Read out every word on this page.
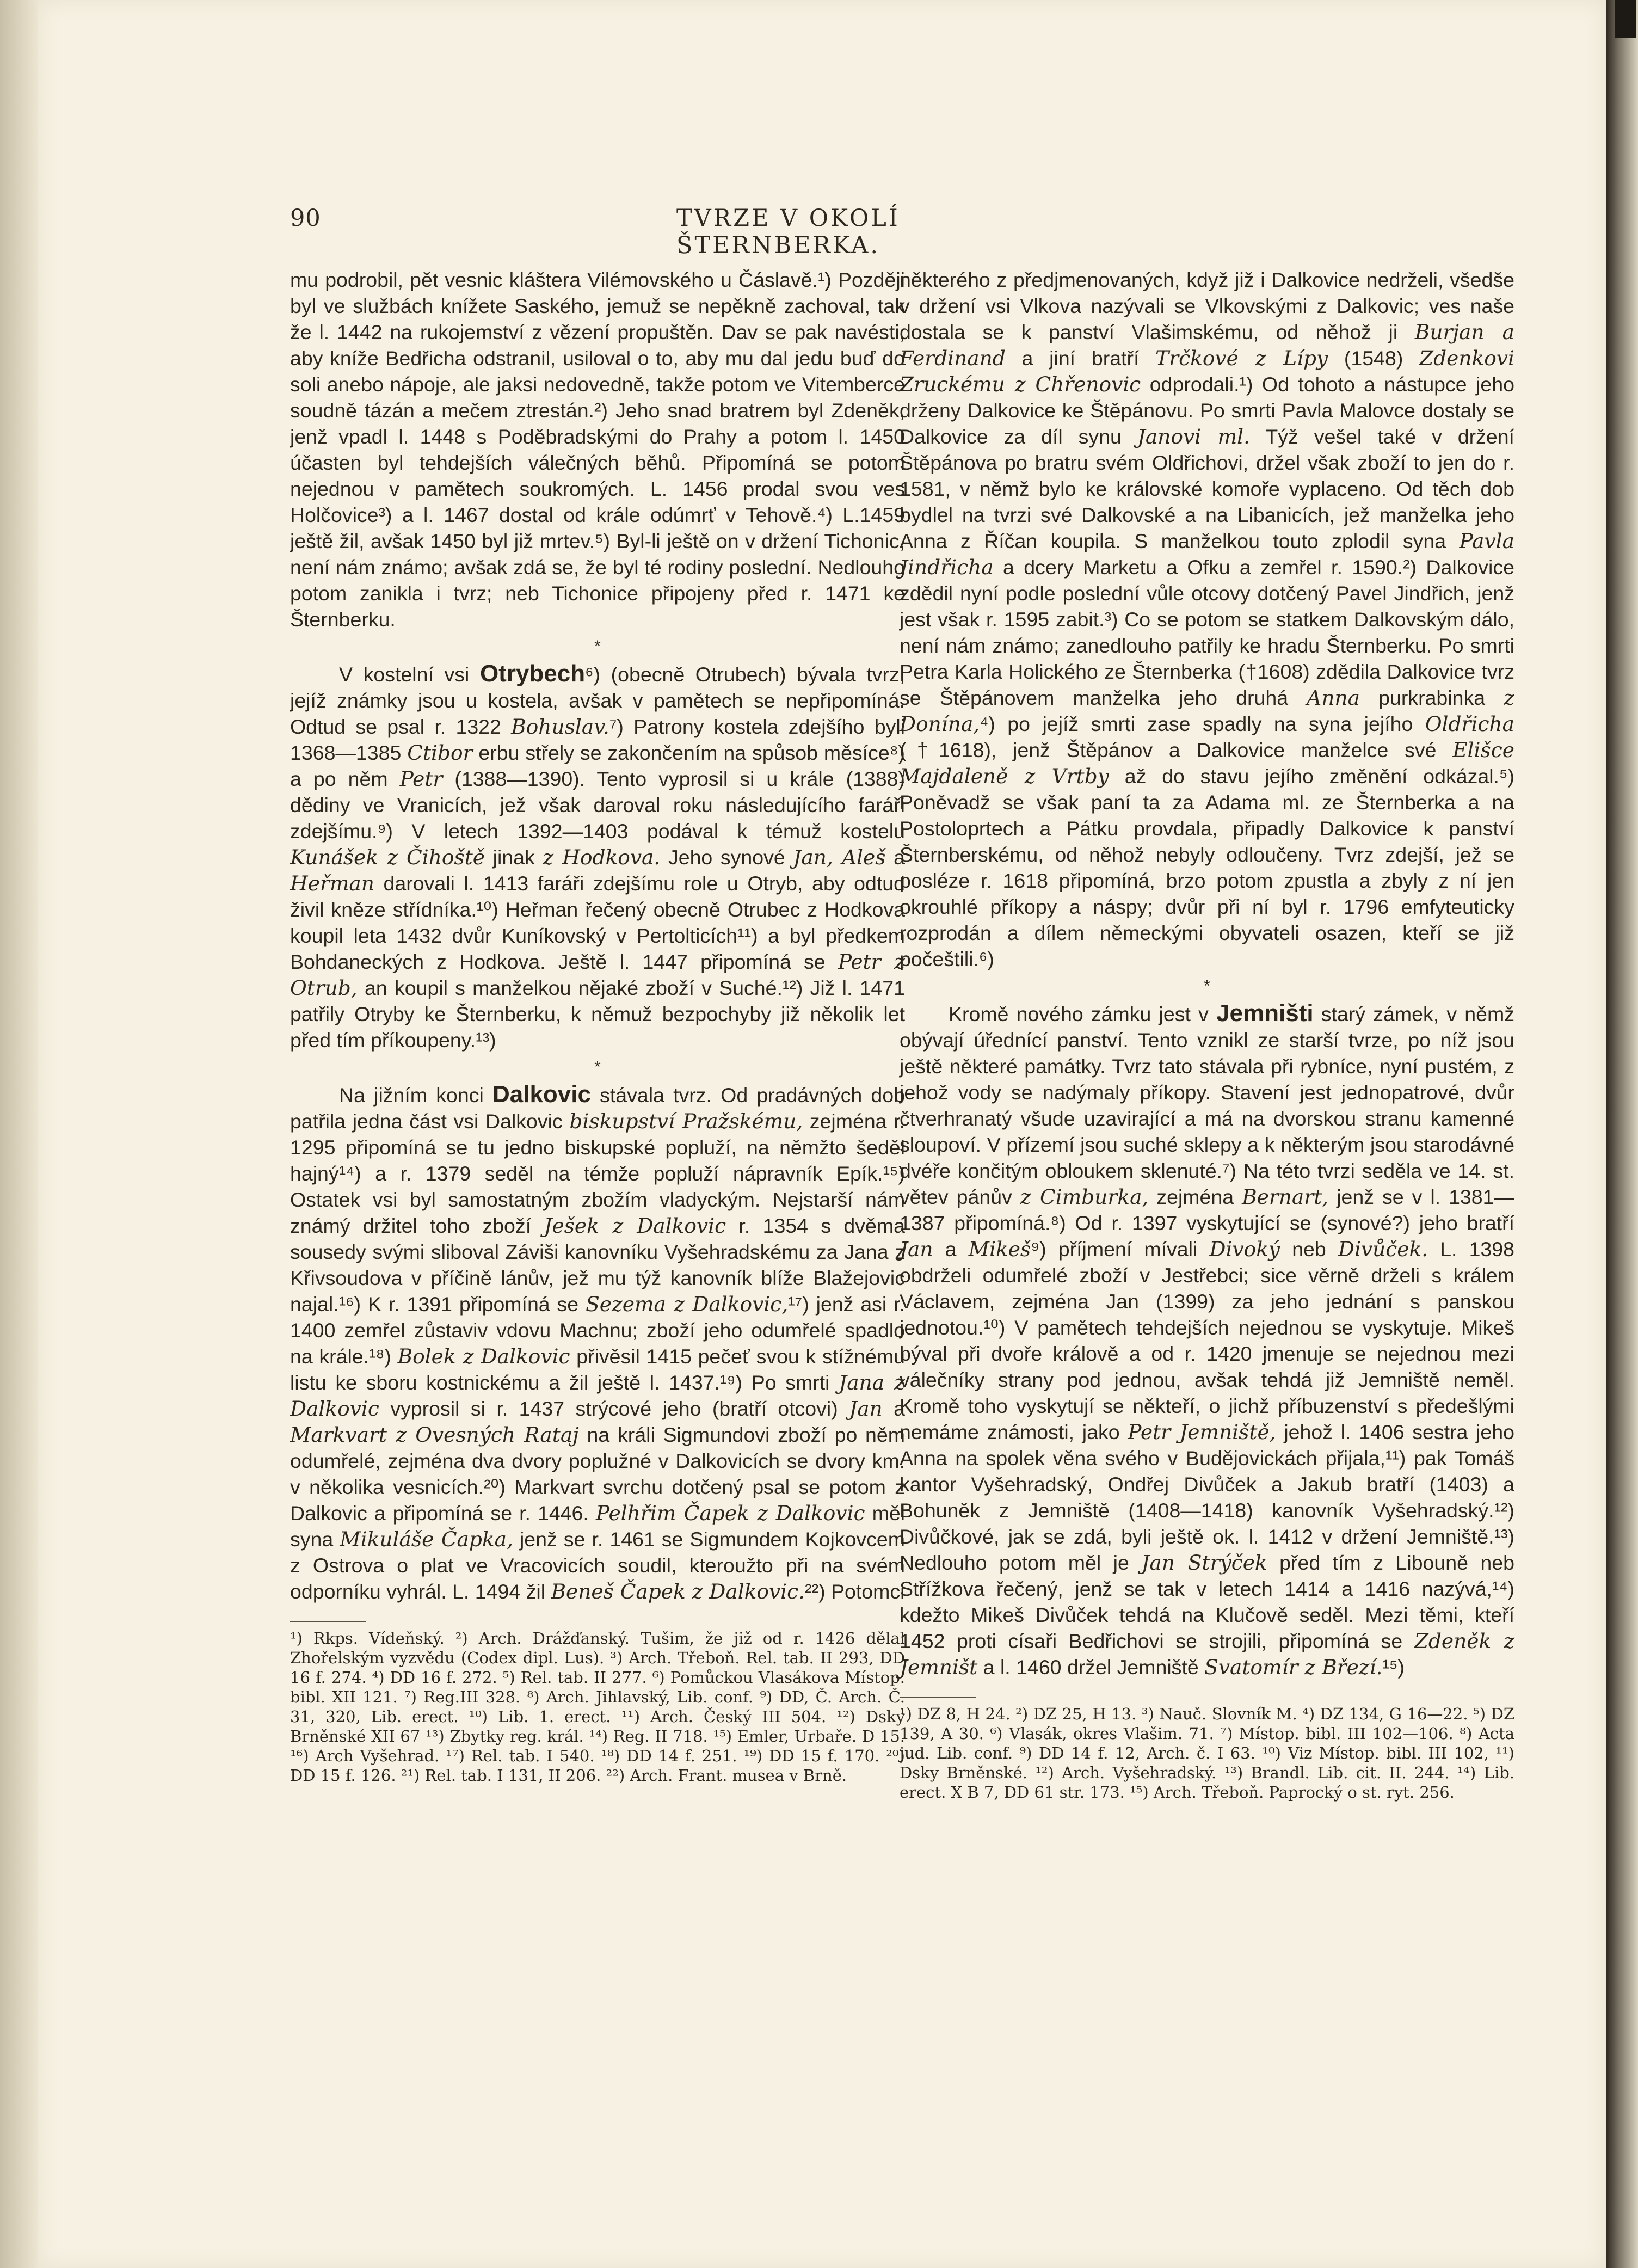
90	TVRZE V OKOLÍ ŠTERNBERKA.

mu podrobil, pět vesnic kláštera Vilémovského u Čáslavě.¹) Později byl ve službách knížete Saského, jemuž se nepěkně zachoval, tak že l. 1442 na rukojemství z vězení propuštěn. Dav se pak navésti, aby kníže Bedřicha odstranil, usiloval o to, aby mu dal jedu buď do soli anebo nápoje, ale jaksi nedovedně, takže potom ve Vitemberce soudně tázán a mečem ztrestán.²) Jeho snad bratrem byl Zdeněk, jenž vpadl l. 1448 s Poděbradskými do Prahy a potom l. 1450 účasten byl tehdejších válečných běhů. Připomíná se potom nejednou v pamětech soukromých. L. 1456 prodal svou ves Holčovice³) a l. 1467 dostal od krále odúmrť v Tehově.⁴) L.1459 ještě žil, avšak 1450 byl již mrtev.⁵) Byl-li ještě on v držení Tichonic, není nám známo; avšak zdá se, že byl té rodiny poslední. Nedlouho potom zanikla i tvrz; neb Tichonice připojeny před r. 1471 ke Šternberku.

*

V kostelní vsi Otrybech⁶) (obecně Otrubech) bývala tvrz, jejíž známky jsou u kostela, avšak v pamětech se nepřipomíná. Odtud se psal r. 1322 Bohuslav.⁷) Patrony kostela zdejšího byli 1368—1385 Ctibor erbu střely se zakončením na spůsob měsíce⁸) a po něm Petr (1388—1390). Tento vyprosil si u krále (1388) dědiny ve Vranicích, jež však daroval roku následujícího faráři zdejšímu.⁹) V letech 1392—1403 podával k témuž kostelu Kunášek z Čihoště jinak z Hodkova. Jeho synové Jan, Aleš a Heřman darovali l. 1413 faráři zdejšímu role u Otryb, aby odtud živil kněze střídníka.¹⁰) Heřman řečený obecně Otrubec z Hodkova koupil leta 1432 dvůr Kuníkovský v Pertolticích¹¹) a byl předkem Bohdaneckých z Hodkova. Ještě l. 1447 připomíná se Petr z Otrub, an koupil s manželkou nějaké zboží v Suché.¹²) Již l. 1471 patřily Otryby ke Šternberku, k němuž bezpochyby již několik let před tím příkoupeny.¹³)

*

Na jižním konci Dalkovic stávala tvrz. Od pradávných dob patřila jedna část vsi Dalkovic biskupství Pražskému, zejména r. 1295 připomíná se tu jedno biskupské popluží, na němžto šeděl hajný¹⁴) a r. 1379 seděl na témže popluží nápravník Epík.¹⁵) Ostatek vsi byl samostatným zbožím vladyckým. Nejstarší nám známý držitel toho zboží Ješek z Dalkovic r. 1354 s dvěma sousedy svými sliboval Záviši kanovníku Vyšehradskému za Jana z Křivsoudova v příčině lánův, jež mu týž kanovník blíže Blažejovic najal.¹⁶) K r. 1391 připomíná se Sezema z Dalkovic,¹⁷) jenž asi r. 1400 zemřel zůstaviv vdovu Machnu; zboží jeho odumřelé spadlo na krále.¹⁸) Bolek z Dalkovic přivěsil 1415 pečeť svou k stížnému listu ke sboru kostnickému a žil ještě l. 1437.¹⁹) Po smrti Jana z Dalkovic vyprosil si r. 1437 strýcové jeho (bratří otcovi) Jan a Markvart z Ovesných Rataj na králi Sigmundovi zboží po něm odumřelé, zejména dva dvory poplužné v Dalkovicích se dvory km. v několika vesnicích.²⁰) Markvart svrchu dotčený psal se potom z Dalkovic a připomíná se r. 1446. Pelhřim Čapek z Dalkovic měl syna Mikuláše Čapka, jenž se r. 1461 se Sigmundem Kojkovcem z Ostrova o plat ve Vracovicích soudil, kteroužto při na svém odporníku vyhrál. L. 1494 žil Beneš Čapek z Dalkovic.²²) Potomci

¹) Rkps. Vídeňský. ²) Arch. Drážďanský. Tušim, že již od r. 1426 dělal Zhořelským vyzvědu (Codex dipl. Lus). ³) Arch. Třeboň. Rel. tab. II 293, DD 16 f. 274. ⁴) DD 16 f. 272. ⁵) Rel. tab. II 277. ⁶) Pomůckou Vlasákova Místop. bibl. XII 121. ⁷) Reg.III 328. ⁸) Arch. Jihlavský, Lib. conf. ⁹) DD, Č. Arch. Č. 31, 320, Lib. erect. ¹⁰) Lib. 1. erect. ¹¹) Arch. Český III 504. ¹²) Dsky Brněnské XII 67 ¹³) Zbytky reg. král. ¹⁴) Reg. II 718. ¹⁵) Emler, Urbaře. D 15. ¹⁶) Arch Vyšehrad. ¹⁷) Rel. tab. I 540. ¹⁸) DD 14 f. 251. ¹⁹) DD 15 f. 170. ²⁰) DD 15 f. 126. ²¹) Rel. tab. I 131, II 206. ²²) Arch. Frant. musea v Brně.

některého z předjmenovaných, když již i Dalkovice nedrželi, všedše v držení vsi Vlkova nazývali se Vlkovskými z Dalkovic; ves naše dostala se k panství Vlašimskému, od něhož ji Burjan a Ferdinand a jiní bratří Trčkové z Lípy (1548) Zdenkovi Zruckému z Chřenovic odprodali.¹) Od tohoto a nástupce jeho drženy Dalkovice ke Štěpánovu. Po smrti Pavla Malovce dostaly se Dalkovice za díl synu Janovi ml. Týž vešel také v držení Štěpánova po bratru svém Oldřichovi, držel však zboží to jen do r. 1581, v němž bylo ke královské komoře vyplaceno. Od těch dob bydlel na tvrzi své Dalkovské a na Libanicích, jež manželka jeho Anna z Říčan koupila. S manželkou touto zplodil syna Pavla Jindřicha a dcery Marketu a Ofku a zemřel r. 1590.²) Dalkovice zdědil nyní podle poslední vůle otcovy dotčený Pavel Jindřich, jenž jest však r. 1595 zabit.³) Co se potom se statkem Dalkovským dálo, není nám známo; zanedlouho patřily ke hradu Šternberku. Po smrti Petra Karla Holického ze Šternberka (†1608) zdědila Dalkovice tvrz se Štěpánovem manželka jeho druhá Anna purkrabinka z Donína,⁴) po jejíž smrti zase spadly na syna jejího Oldřicha (†1618), jenž Štěpánov a Dalkovice manželce své Elišce Majdaleně z Vrtby až do stavu jejího změnění odkázal.⁵) Poněvadž se však paní ta za Adama ml. ze Šternberka a na Postoloprtech a Pátku provdala, připadly Dalkovice k panství Šternberskému, od něhož nebyly odloučeny. Tvrz zdejší, jež se posléze r. 1618 připomíná, brzo potom zpustla a zbyly z ní jen okrouhlé příkopy a náspy; dvůr při ní byl r. 1796 emfyteuticky rozprodán a dílem německými obyvateli osazen, kteří se již počeštili.⁶)

*

Kromě nového zámku jest v Jemništi starý zámek, v němž obývají úřednící panství. Tento vznikl ze starší tvrze, po níž jsou ještě některé památky. Tvrz tato stávala při rybníce, nyní pustém, z jehož vody se nadýmaly příkopy. Stavení jest jednopatrové, dvůr čtverhranatý všude uzavirající a má na dvorskou stranu kamenné sloupoví. V přízemí jsou suché sklepy a k některým jsou starodávné dvéře končitým obloukem sklenuté.⁷) Na této tvrzi seděla ve 14. st. větev pánův z Cimburka, zejména Bernart, jenž se v l. 1381—1387 připomíná.⁸) Od r. 1397 vyskytující se (synové?) jeho bratří Jan a Mikeš⁹) příjmení mívali Divoký neb Divůček. L. 1398 obdrželi odumřelé zboží v Jestřebci; sice věrně drželi s králem Václavem, zejména Jan (1399) za jeho jednání s panskou jednotou.¹⁰) V pamětech tehdejších nejednou se vyskytuje. Mikeš býval při dvoře králově a od r. 1420 jmenuje se nejednou mezi válečníky strany pod jednou, avšak tehdá již Jemniště neměl. Kromě toho vyskytují se někteří, o jichž příbuzenství s předešlými nemáme známosti, jako Petr Jemniště, jehož l. 1406 sestra jeho Anna na spolek věna svého v Budějovickách přijala,¹¹) pak Tomáš kantor Vyšehradský, Ondřej Divůček a Jakub bratří (1403) a Bohuněk z Jemniště (1408—1418) kanovník Vyšehradský.¹²) Divůčkové, jak se zdá, byli ještě ok. l. 1412 v držení Jemniště.¹³) Nedlouho potom měl je Jan Strýček před tím z Libouně neb Střížkova řečený, jenž se tak v letech 1414 a 1416 nazývá,¹⁴) kdežto Mikeš Divůček tehdá na Klučově seděl. Mezi těmi, kteří 1452 proti císaři Bedřichovi se strojili, připomíná se Zdeněk z Jemništ a l. 1460 držel Jemniště Svatomír z Březí.¹⁵)

¹) DZ 8, H 24. ²) DZ 25, H 13. ³) Nauč. Slovník M. ⁴) DZ 134, G 16—22. ⁵) DZ 139, A 30. ⁶) Vlasák, okres Vlašim. 71. ⁷) Místop. bibl. III 102—106. ⁸) Acta jud. Lib. conf. ⁹) DD 14 f. 12, Arch. č. I 63. ¹⁰) Viz Místop. bibl. III 102, ¹¹) Dsky Brněnské. ¹²) Arch. Vyšehradský. ¹³) Brandl. Lib. cit. II. 244. ¹⁴) Lib. erect. X B 7, DD 61 str. 173. ¹⁵) Arch. Třeboň. Paprocký o st. ryt. 256.
